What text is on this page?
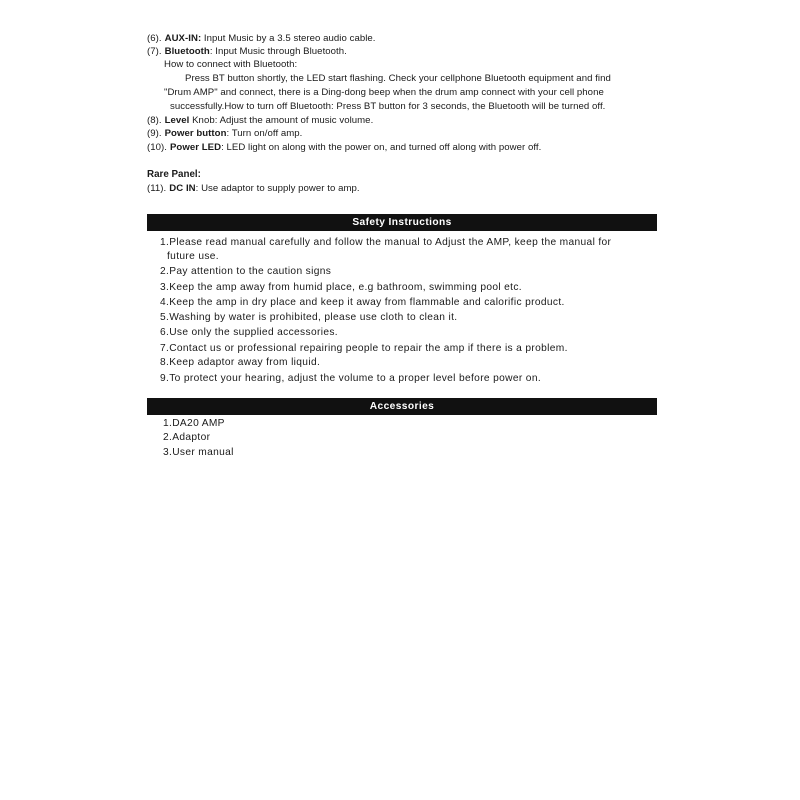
(6). AUX-IN: Input Music by a 3.5 stereo audio cable.
(7). Bluetooth: Input Music through Bluetooth.
How to connect with Bluetooth:
Press BT button shortly, the LED start flashing. Check your cellphone Bluetooth equipment and find
"Drum AMP" and connect, there is a Ding-dong beep when the drum amp connect with your cell phone
successfully.How to turn off Bluetooth: Press BT button for 3 seconds, the Bluetooth will be turned off.
(8). Level Knob: Adjust the amount of music volume.
(9). Power button: Turn on/off amp.
(10). Power LED: LED light on along with the power on, and turned off along with power off.
Rare Panel:
(11). DC IN: Use adaptor to supply power to amp.
Safety Instructions
1.Please read manual carefully and follow the manual to Adjust the AMP, keep the manual for
future use.
2.Pay attention to the caution signs
3.Keep the amp away from humid place, e.g bathroom, swimming pool etc.
4.Keep the amp in dry place and keep it away from flammable and calorific product.
5.Washing by water is prohibited, please use cloth to clean it.
6.Use only the supplied accessories.
7.Contact us or professional repairing people to repair the amp if there is a problem.
8.Keep adaptor away from liquid.
9.To protect your hearing, adjust the volume to a proper level before power on.
Accessories
1.DA20 AMP
2.Adaptor
3.User manual
